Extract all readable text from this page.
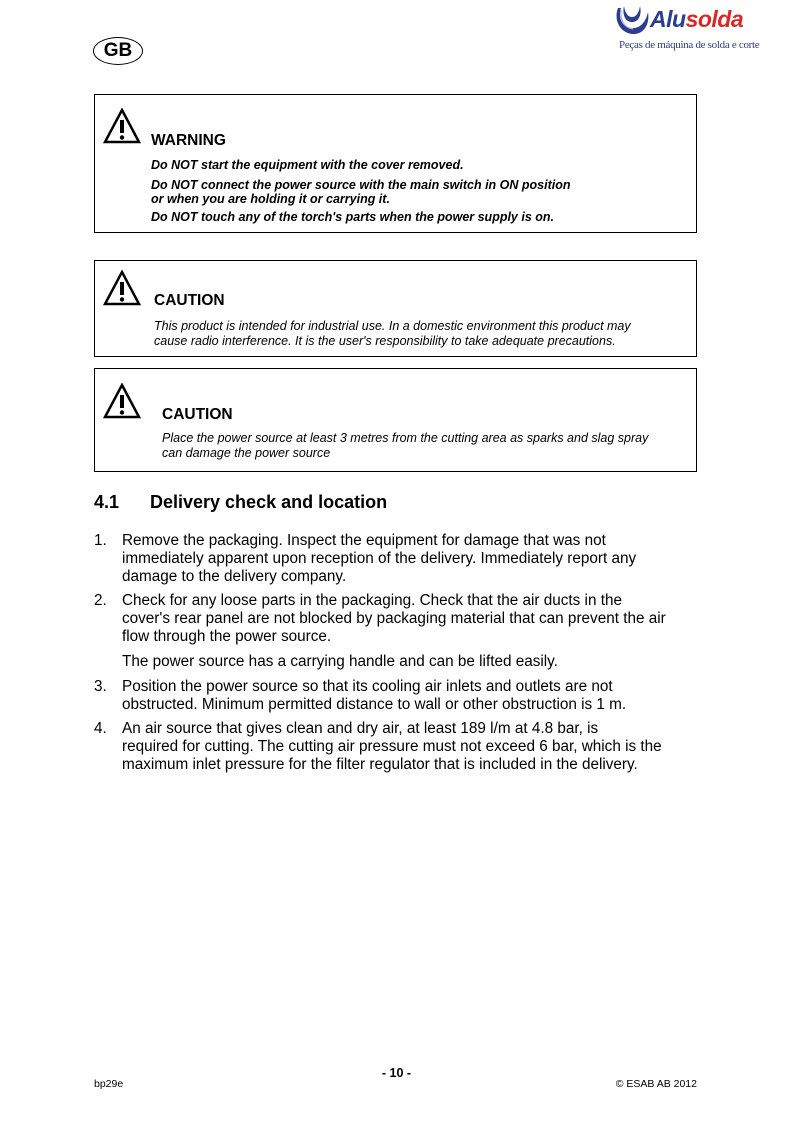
Alusolda
Peças de máquina de solda e corte
GB
WARNING
Do NOT start the equipment with the cover removed.
Do NOT connect the power source with the main switch in ON position
or when you are holding it or carrying it.
Do NOT touch any of the torch's parts when the power supply is on.
CAUTION
This product is intended for industrial use. In a domestic environment this product may
cause radio interference. It is the user's responsibility to take adequate precautions.
CAUTION
Place the power source at least 3 metres from the cutting area as sparks and slag spray
can damage the power source
4.1 Delivery check and location
1. Remove the packaging. Inspect the equipment for damage that was not
immediately apparent upon reception of the delivery. Immediately report any
damage to the delivery company.
2. Check for any loose parts in the packaging. Check that the air ducts in the
cover's rear panel are not blocked by packaging material that can prevent the air
flow through the power source.
The power source has a carrying handle and can be lifted easily.
3. Position the power source so that its cooling air inlets and outlets are not
obstructed. Minimum permitted distance to wall or other obstruction is 1 m.
4. An air source that gives clean and dry air, at least 189 l/m at 4.8 bar, is
required for cutting. The cutting air pressure must not exceed 6 bar, which is the
maximum inlet pressure for the filter regulator that is included in the delivery.
- 10 -
bp29e	© ESAB AB 2012
